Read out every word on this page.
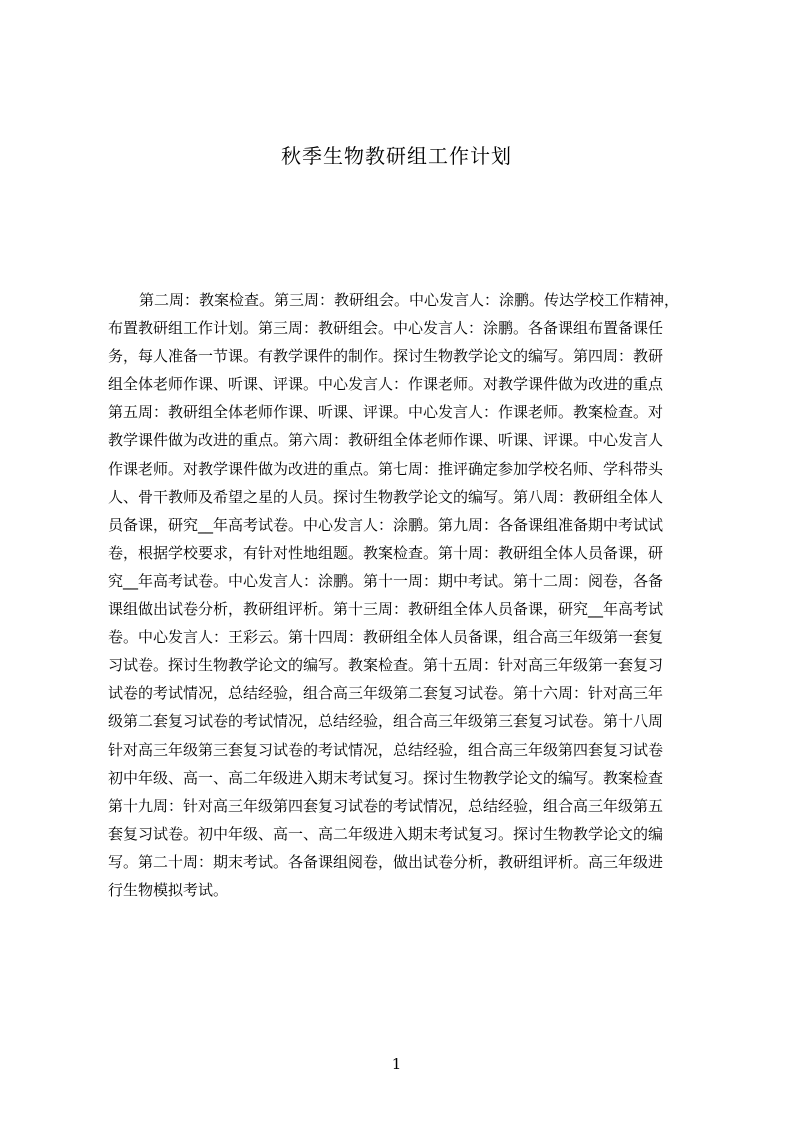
秋季生物教研组工作计划
第二周：教案检查。第三周：教研组会。中心发言人：涂鹏。传达学校工作精神，
布置教研组工作计划。第三周：教研组会。中心发言人：涂鹏。各备课组布置备课任
务，每人准备一节课。有教学课件的制作。探讨生物教学论文的编写。第四周：教研
组全体老师作课、听课、评课。中心发言人：作课老师。对教学课件做为改进的重点
第五周：教研组全体老师作课、听课、评课。中心发言人：作课老师。教案检查。对
教学课件做为改进的重点。第六周：教研组全体老师作课、听课、评课。中心发言人
作课老师。对教学课件做为改进的重点。第七周：推评确定参加学校名师、学科带头
人、骨干教师及希望之星的人员。探讨生物教学论文的编写。第八周：教研组全体人
员备课，研究__年高考试卷。中心发言人：涂鹏。第九周：各备课组准备期中考试试
卷，根据学校要求，有针对性地组题。教案检查。第十周：教研组全体人员备课，研
究__年高考试卷。中心发言人：涂鹏。第十一周：期中考试。第十二周：阅卷，各备
课组做出试卷分析，教研组评析。第十三周：教研组全体人员备课，研究__年高考试
卷。中心发言人：王彩云。第十四周：教研组全体人员备课，组合高三年级第一套复
习试卷。探讨生物教学论文的编写。教案检查。第十五周：针对高三年级第一套复习
试卷的考试情况，总结经验，组合高三年级第二套复习试卷。第十六周：针对高三年
级第二套复习试卷的考试情况，总结经验，组合高三年级第三套复习试卷。第十八周
针对高三年级第三套复习试卷的考试情况，总结经验，组合高三年级第四套复习试卷
初中年级、高一、高二年级进入期末考试复习。探讨生物教学论文的编写。教案检查
第十九周：针对高三年级第四套复习试卷的考试情况，总结经验，组合高三年级第五
套复习试卷。初中年级、高一、高二年级进入期末考试复习。探讨生物教学论文的编
写。第二十周：期末考试。各备课组阅卷，做出试卷分析，教研组评析。高三年级进
行生物模拟考试。
1
